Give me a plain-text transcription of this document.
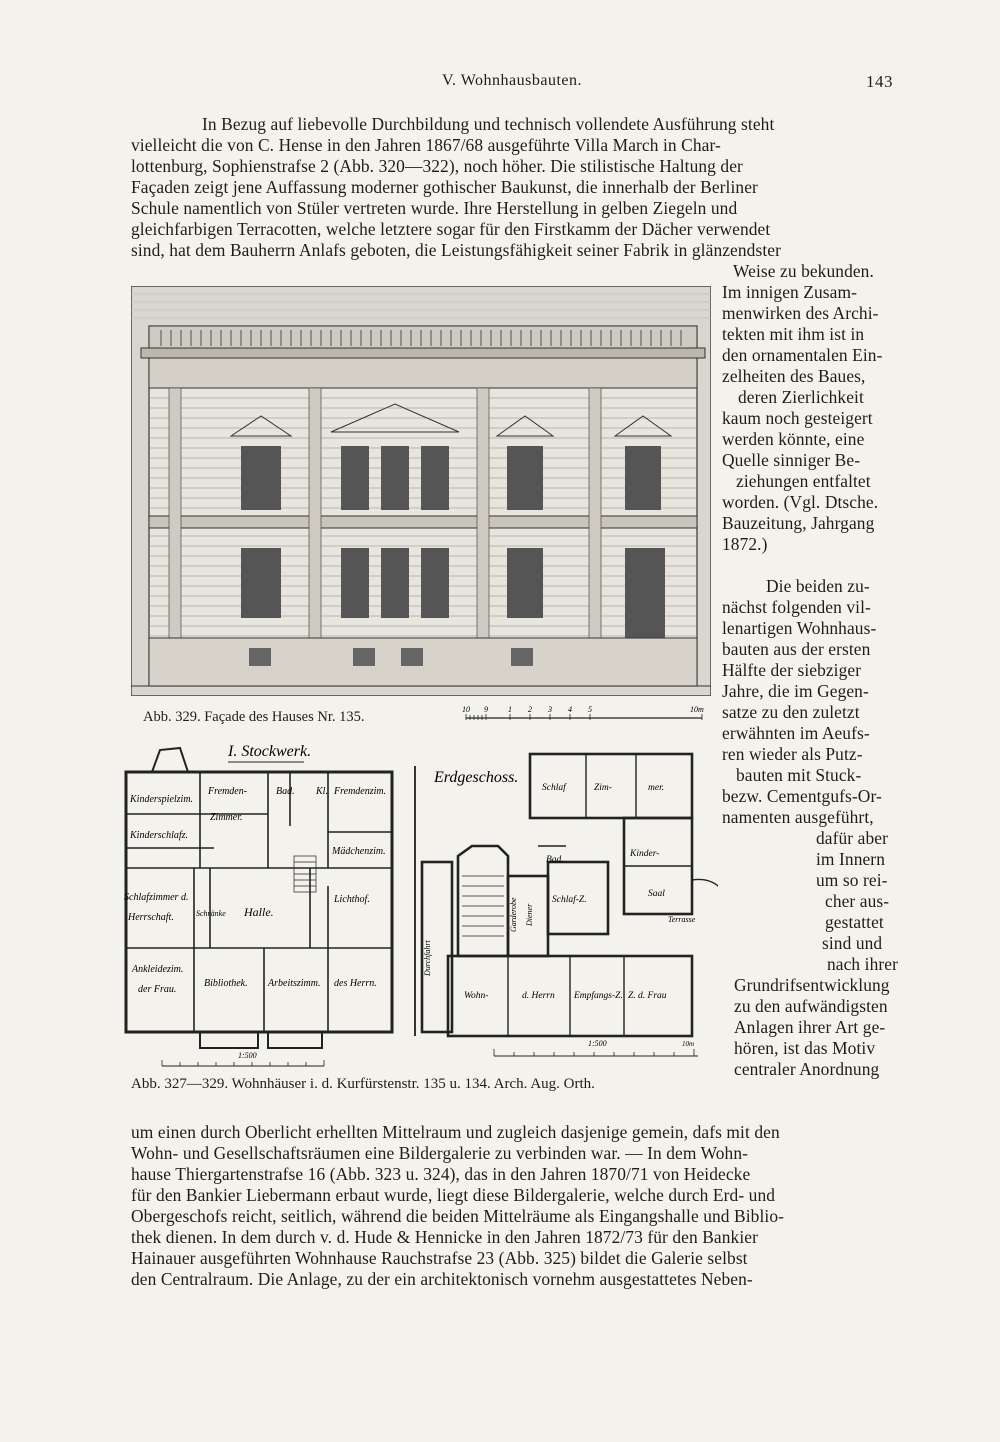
V. Wohnhausbauten.	143
In Bezug auf liebevolle Durchbildung und technisch vollendete Ausführung steht
vielleicht die von C. Hense in den Jahren 1867/68 ausgeführte Villa March in Char-
lottenburg, Sophienstrafse 2 (Abb. 320—322), noch höher. Die stilistische Haltung der
Façaden zeigt jene Auffassung moderner gothischer Baukunst, die innerhalb der Berliner
Schule namentlich von Stüler vertreten wurde. Ihre Herstellung in gelben Ziegeln und
gleichfarbigen Terracotten, welche letztere sogar für den Firstkamm der Dächer verwendet
sind, hat dem Bauherrn Anlafs geboten, die Leistungsfähigkeit seiner Fabrik in glänzendster
Weise zu bekunden.
Im innigen Zusam-
menwirken des Archi-
tekten mit ihm ist in
den ornamentalen Ein-
zelheiten des Baues,
deren Zierlichkeit
kaum noch gesteigert
werden könnte, eine
Quelle sinniger Be-
ziehungen entfaltet
worden. (Vgl. Dtsche.
Bauzeitung, Jahrgang
1872.)
Die beiden zu-
nächst folgenden vil-
lenartigen Wohnhaus-
bauten aus der ersten
Hälfte der siebziger
Jahre, die im Gegen-
satze zu den zuletzt
erwähnten im Aeufs-
ren wieder als Putz-
bauten mit Stuck-
bezw. Cementgufs-Or-
namenten ausgeführt,
dafür aber
im Innern
um so rei-
cher aus-
gestattet
sind und
nach ihrer
Grundrifsentwicklung
zu den aufwändigsten
Anlagen ihrer Art ge-
hören, ist das Motiv
centraler Anordnung
Abb. 329. Façade des Hauses Nr. 135.	10 9	1 2 3 4 5	10m
I. Stockwerk.
Kinderspielzim.
Fremden-
Zimmer.
Bad. Kl. Fremdenzim.
Kinderschlafz.
Mädchenzim.
Schlafzimmer d.
Herrschaft.	Schränke Halle.
Lichthof.
Ankleidezim.
der Frau.
Bibliothek. Arbeitszimm. des Herrn.
1:500
Erdgeschoss.
Schlaf	Zim-	mer.
Bad.
Kinder-
Schlaf-Z.
Saal
Terrasse
Durchfahrt
Garderobe Diener
Wohn-	d. Herrn Empfangs-Z. Z. d. Frau
1:500	10m
Abb. 327—329. Wohnhäuser i. d. Kurfürstenstr. 135 u. 134. Arch. Aug. Orth.
um einen durch Oberlicht erhellten Mittelraum und zugleich dasjenige gemein, dafs mit den
Wohn- und Gesellschaftsräumen eine Bildergalerie zu verbinden war. — In dem Wohn-
hause Thiergartenstrafse 16 (Abb. 323 u. 324), das in den Jahren 1870/71 von Heidecke
für den Bankier Liebermann erbaut wurde, liegt diese Bildergalerie, welche durch Erd- und
Obergeschofs reicht, seitlich, während die beiden Mittelräume als Eingangshalle und Biblio-
thek dienen. In dem durch v. d. Hude & Hennicke in den Jahren 1872/73 für den Bankier
Hainauer ausgeführten Wohnhause Rauchstrafse 23 (Abb. 325) bildet die Galerie selbst
den Centralraum. Die Anlage, zu der ein architektonisch vornehm ausgestattetes Neben-
